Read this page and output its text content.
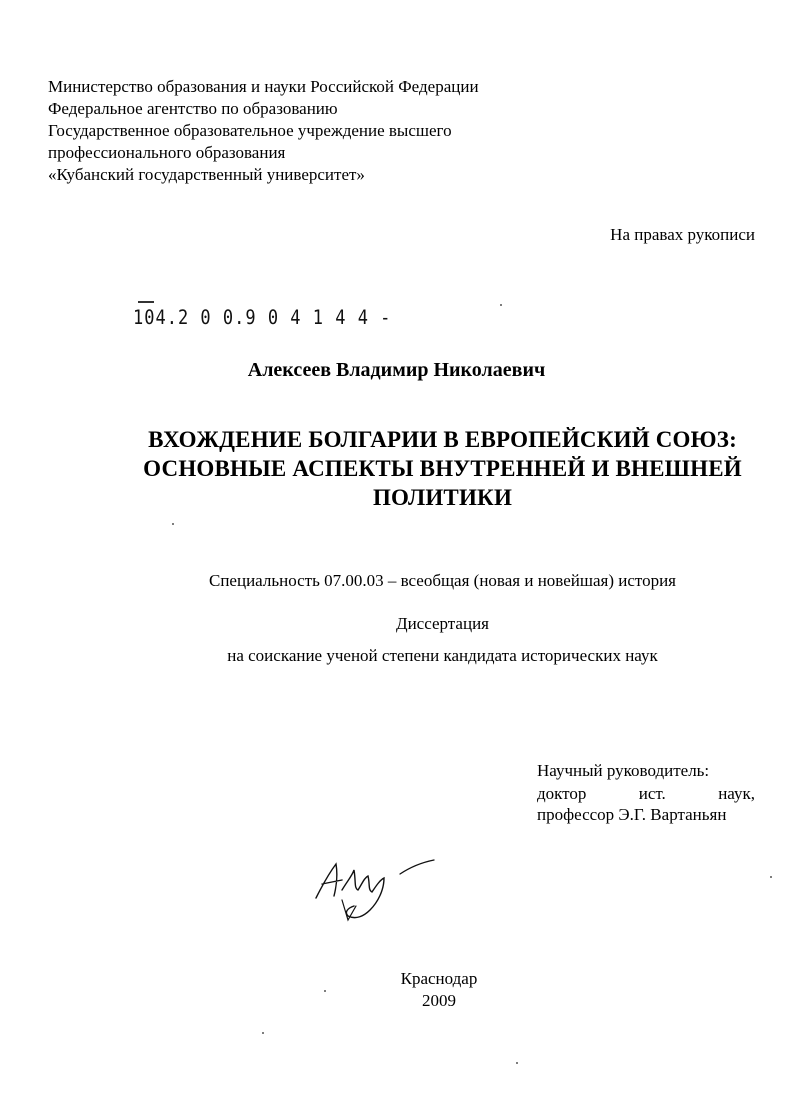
Министерство образования и науки Российской Федерации
Федеральное агентство по образованию
Государственное образовательное учреждение высшего
профессионального образования
«Кубанский государственный университет»
На правах рукописи
104.2 0 0.9 0 4 1 4 4 -
Алексеев Владимир Николаевич
ВХОЖДЕНИЕ БОЛГАРИИ В ЕВРОПЕЙСКИЙ СОЮЗ:
ОСНОВНЫЕ АСПЕКТЫ ВНУТРЕННЕЙ И ВНЕШНЕЙ
ПОЛИТИКИ
Специальность 07.00.03 – всеобщая (новая и новейшая) история
Диссертация
на соискание ученой степени кандидата исторических наук
Научный руководитель:
доктор	ист.	наук,
профессор Э.Г. Вартаньян
Краснодар
2009
